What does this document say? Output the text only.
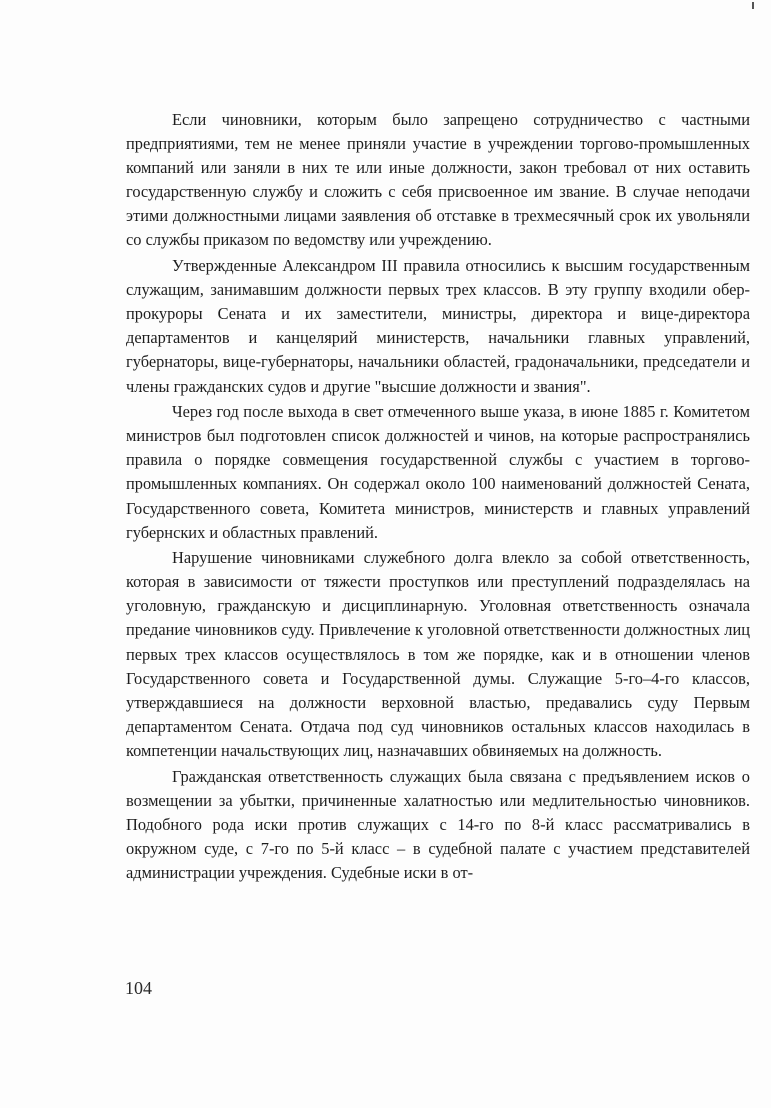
Если чиновники, которым было запрещено сотрудничество с частными предприятиями, тем не менее приняли участие в учреждении торгово-промышленных компаний или заняли в них те или иные должности, закон требовал от них оставить государственную службу и сложить с себя присвоенное им звание. В случае неподачи этими должностными лицами заявления об отставке в трехмесячный срок их увольняли со службы приказом по ведомству или учреждению.

Утвержденные Александром III правила относились к высшим государственным служащим, занимавшим должности первых трех классов. В эту группу входили обер-прокуроры Сената и их заместители, министры, директора и вице-директора департаментов и канцелярий министерств, начальники главных управлений, губернаторы, вице-губернаторы, начальники областей, градоначальники, председатели и члены гражданских судов и другие "высшие должности и звания".

Через год после выхода в свет отмеченного выше указа, в июне 1885 г. Комитетом министров был подготовлен список должностей и чинов, на которые распространялись правила о порядке совмещения государственной службы с участием в торгово-промышленных компаниях. Он содержал около 100 наименований должностей Сената, Государственного совета, Комитета министров, министерств и главных управлений губернских и областных правлений.

Нарушение чиновниками служебного долга влекло за собой ответственность, которая в зависимости от тяжести проступков или преступлений подразделялась на уголовную, гражданскую и дисциплинарную. Уголовная ответственность означала предание чиновников суду. Привлечение к уголовной ответственности должностных лиц первых трех классов осуществлялось в том же порядке, как и в отношении членов Государственного совета и Государственной думы. Служащие 5-го–4-го классов, утверждавшиеся на должности верховной властью, предавались суду Первым департаментом Сената. Отдача под суд чиновников остальных классов находилась в компетенции начальствующих лиц, назначавших обвиняемых на должность.

Гражданская ответственность служащих была связана с предъявлением исков о возмещении за убытки, причиненные халатностью или медлительностью чиновников. Подобного рода иски против служащих с 14-го по 8-й класс рассматривались в окружном суде, с 7-го по 5-й класс – в судебной палате с участием представителей администрации учреждения. Судебные иски в от-

104
